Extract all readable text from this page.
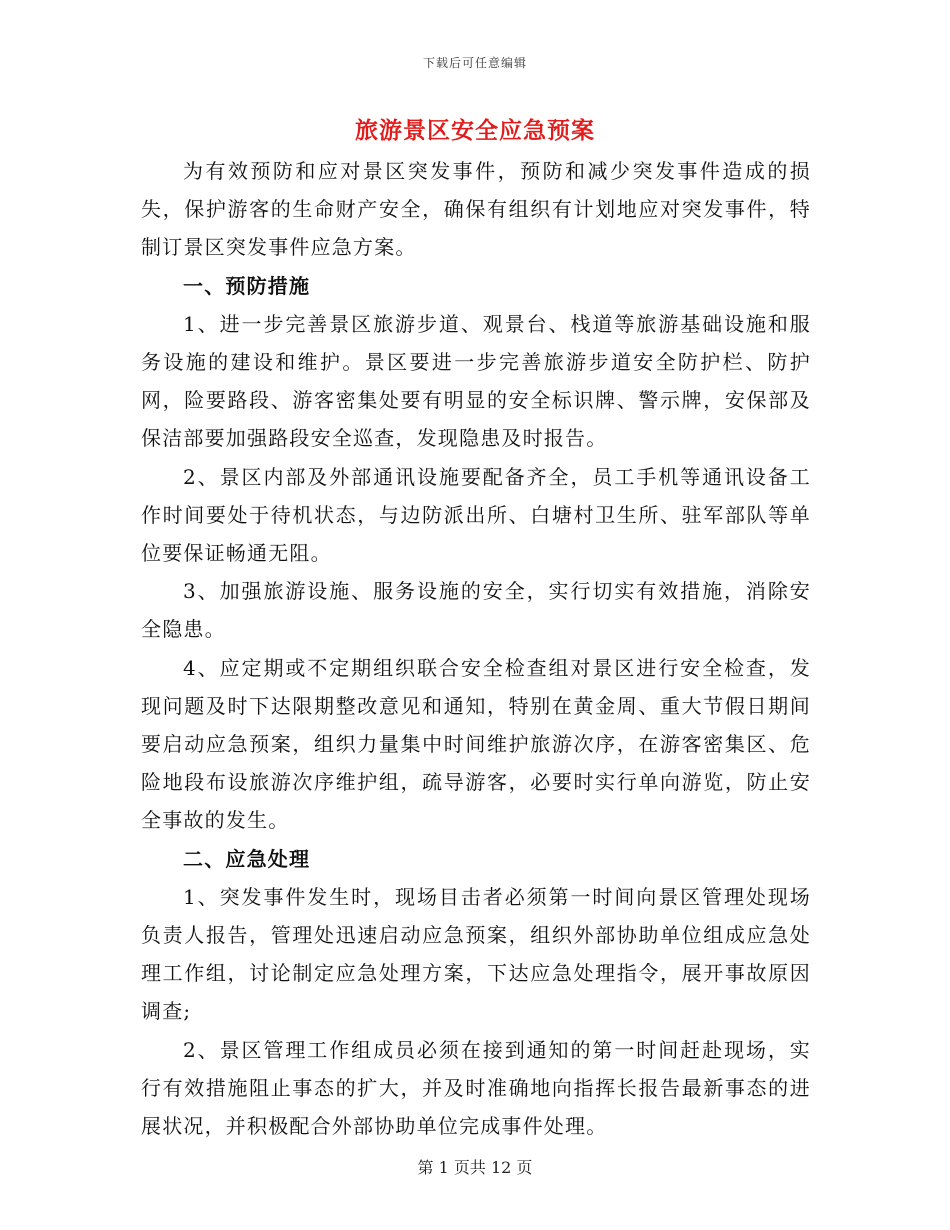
下载后可任意编辑
旅游景区安全应急预案

为有效预防和应对景区突发事件，预防和减少突发事件造成的损失，保护游客的生命财产安全，确保有组织有计划地应对突发事件，特制订景区突发事件应急方案。

一、预防措施

1、进一步完善景区旅游步道、观景台、栈道等旅游基础设施和服务设施的建设和维护。景区要进一步完善旅游步道安全防护栏、防护网，险要路段、游客密集处要有明显的安全标识牌、警示牌，安保部及保洁部要加强路段安全巡查，发现隐患及时报告。

2、景区内部及外部通讯设施要配备齐全，员工手机等通讯设备工作时间要处于待机状态，与边防派出所、白塘村卫生所、驻军部队等单位要保证畅通无阻。

3、加强旅游设施、服务设施的安全，实行切实有效措施，消除安全隐患。

4、应定期或不定期组织联合安全检查组对景区进行安全检查，发现问题及时下达限期整改意见和通知，特别在黄金周、重大节假日期间要启动应急预案，组织力量集中时间维护旅游次序，在游客密集区、危险地段布设旅游次序维护组，疏导游客，必要时实行单向游览，防止安全事故的发生。

二、应急处理

1、突发事件发生时，现场目击者必须第一时间向景区管理处现场负责人报告，管理处迅速启动应急预案，组织外部协助单位组成应急处理工作组，讨论制定应急处理方案，下达应急处理指令，展开事故原因调查;

2、景区管理工作组成员必须在接到通知的第一时间赶赴现场，实行有效措施阻止事态的扩大，并及时准确地向指挥长报告最新事态的进展状况，并积极配合外部协助单位完成事件处理。

第 1 页共 12 页
